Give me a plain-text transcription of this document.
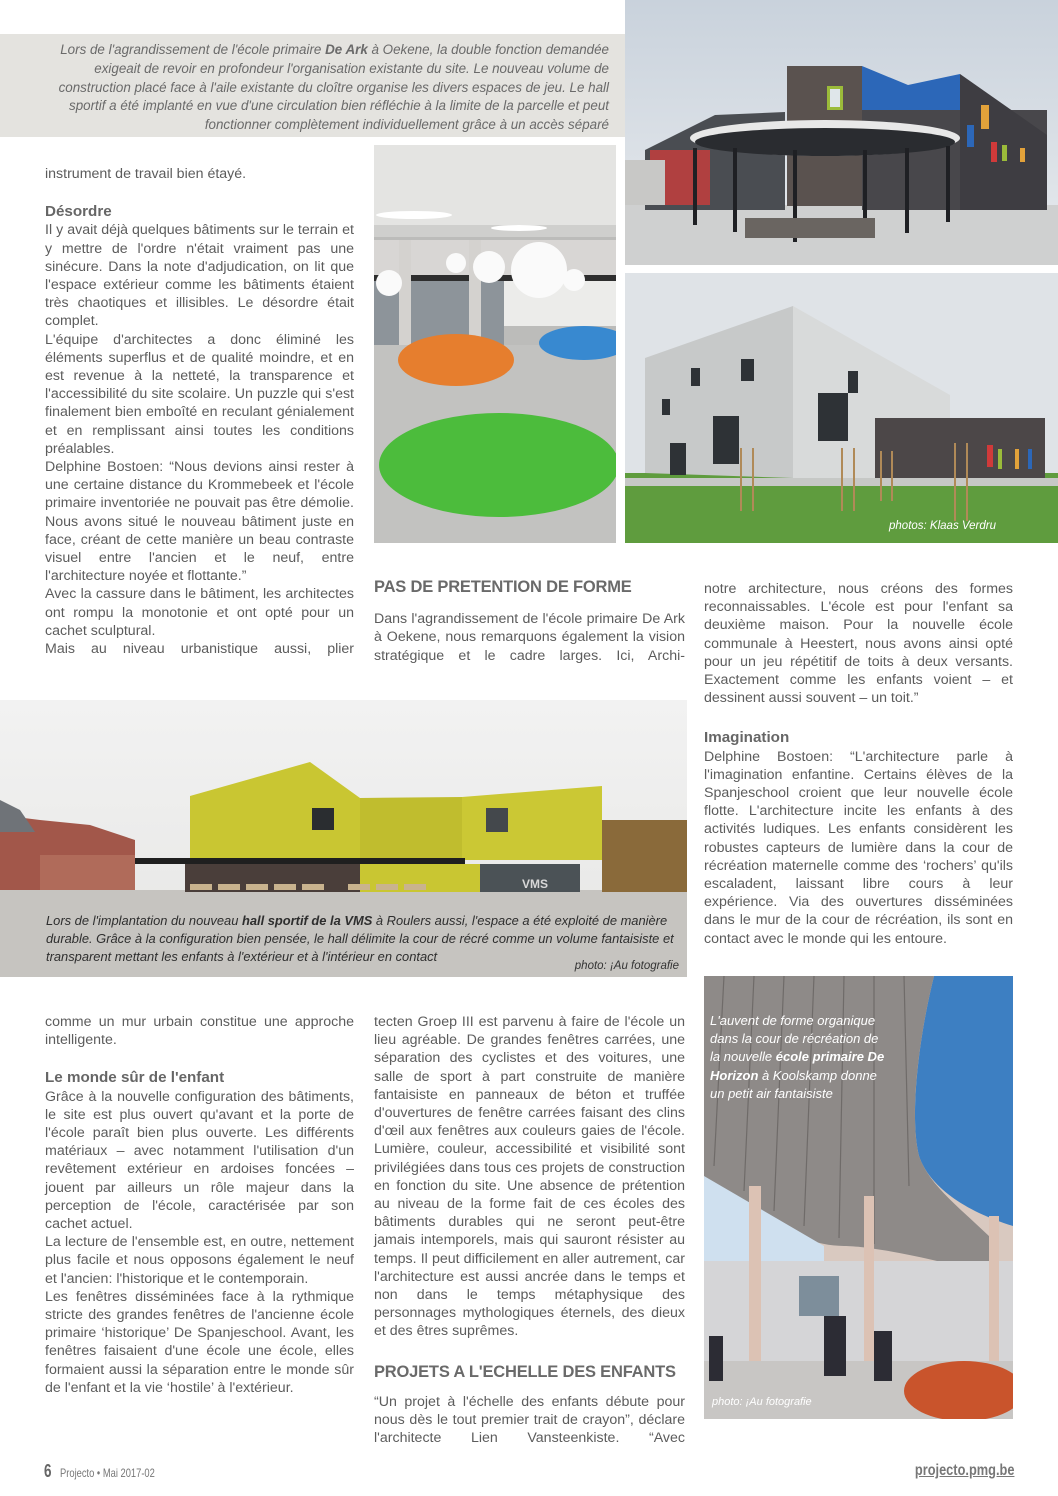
Lors de l'agrandissement de l'école primaire De Ark à Oekene, la double fonction demandée exigeait de revoir en profondeur l'organisation existante du site. Le nouveau volume de construction placé face à l'aile existante du cloître organise les divers espaces de jeu. Le hall sportif a été implanté en vue d'une circulation bien réfléchie à la limite de la parcelle et peut fonctionner complètement individuellement grâce à un accès séparé
photos: Klaas Verdru

instrument de travail bien étayé.

Désordre

Il y avait déjà quelques bâtiments sur le terrain et y mettre de l'ordre n'était vraiment pas une sinécure. Dans la note d'adjudication, on lit que l'espace extérieur comme les bâtiments étaient très chaotiques et illisibles. Le désordre était complet.

L'équipe d'architectes a donc éliminé les éléments superflus et de qualité moindre, et en est revenue à la netteté, la transparence et l'accessibilité du site scolaire. Un puzzle qui s'est finalement bien emboîté en reculant génialement et en remplissant ainsi toutes les conditions préalables.

Delphine Bostoen: “Nous devions ainsi rester à une certaine distance du Krommebeek et l'école primaire inventoriée ne pouvait pas être démolie. Nous avons situé le nouveau bâtiment juste en face, créant de cette manière un beau contraste visuel entre l'ancien et le neuf, entre l'architecture noyée et flottante.”

Avec la cassure dans le bâtiment, les architectes ont rompu la monotonie et ont opté pour un cachet sculptural.

Mais au niveau urbanistique aussi, plier

PAS DE PRETENTION DE FORME

Dans l'agrandissement de l'école primaire De Ark à Oekene, nous remarquons également la vision stratégique et le cadre larges. Ici, Archi-

notre architecture, nous créons des formes reconnaissables. L'école est pour l'enfant sa deuxième maison. Pour la nouvelle école communale à Heestert, nous avons ainsi opté pour un jeu répétitif de toits à deux versants. Exactement comme les enfants voient – et dessinent aussi souvent – un toit.”

Imagination

Delphine Bostoen: “L'architecture parle à l'imagination enfantine. Certains élèves de la Spanjeschool croient que leur nouvelle école flotte. L'architecture incite les enfants à des activités ludiques. Les enfants considèrent les robustes capteurs de lumière dans la cour de récréation maternelle comme des ‘rochers’ qu'ils escaladent, laissant libre cours à leur expérience. Via des ouvertures disséminées dans le mur de la cour de récréation, ils sont en contact avec le monde qui les entoure.

VMS
Lors de l'implantation du nouveau hall sportif de la VMS à Roulers aussi, l'espace a été exploité de manière durable. Grâce à la configuration bien pensée, le hall délimite la cour de récré comme un volume fantaisiste et transparent mettant les enfants à l'extérieur et à l'intérieur en contact
photo: ¡Au fotografie

comme un mur urbain constitue une approche intelligente.

Le monde sûr de l'enfant

Grâce à la nouvelle configuration des bâtiments, le site est plus ouvert qu'avant et la porte de l'école paraît bien plus ouverte. Les différents matériaux – avec notamment l'utilisation d'un revêtement extérieur en ardoises foncées – jouent par ailleurs un rôle majeur dans la perception de l'école, caractérisée par son cachet actuel.

La lecture de l'ensemble est, en outre, nettement plus facile et nous opposons également le neuf et l'ancien: l'historique et le contemporain.

Les fenêtres disséminées face à la rythmique stricte des grandes fenêtres de l'ancienne école primaire ‘historique’ De Spanjeschool. Avant, les fenêtres faisaient d'une école une école, elles formaient aussi la séparation entre le monde sûr de l'enfant et la vie ‘hostile’ à l'extérieur.

tecten Groep III est parvenu à faire de l'école un lieu agréable. De grandes fenêtres carrées, une séparation des cyclistes et des voitures, une salle de sport à part construite de manière fantaisiste en panneaux de béton et truffée d'ouvertures de fenêtre carrées faisant des clins d'œil aux fenêtres aux couleurs gaies de l'école. Lumière, couleur, accessibilité et visibilité sont privilégiées dans tous ces projets de construction en fonction du site. Une absence de prétention au niveau de la forme fait de ces écoles des bâtiments durables qui ne seront peut-être jamais intemporels, mais qui sauront résister au temps. Il peut difficilement en aller autrement, car l'architecture est aussi ancrée dans le temps et non dans le temps métaphysique des personnages mythologiques éternels, des dieux et des êtres suprêmes.

PROJETS A L'ECHELLE DES ENFANTS

“Un projet à l'échelle des enfants débute pour nous dès le tout premier trait de crayon”, déclare l'architecte Lien Vansteenkiste. “Avec

L'auvent de forme organique dans la cour de récréation de la nouvelle école primaire De Horizon à Koolskamp donne un petit air fantaisiste
photo: ¡Au fotografie
6 Projecto • Mai 2017-02	projecto.pmg.be
